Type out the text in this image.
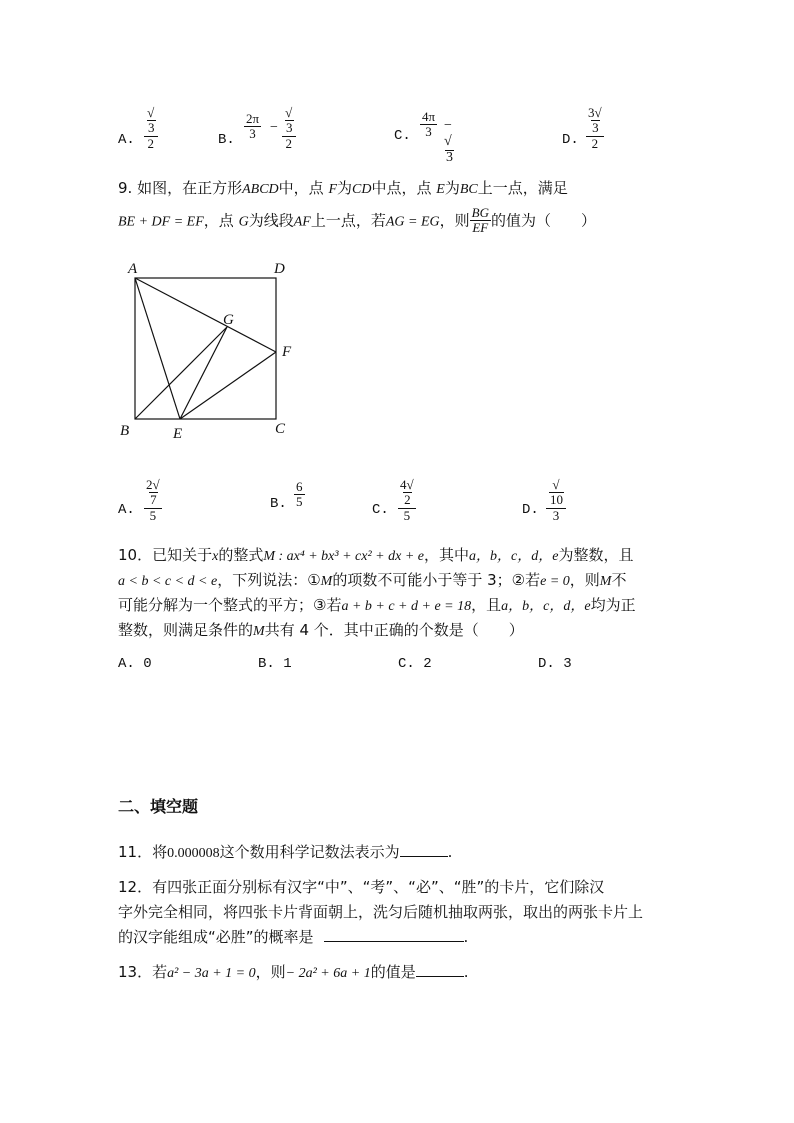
A. $\frac{√3}{2}$	B. $\frac{2\pi}{3} - \frac{√3}{2}$	C. $\frac{4\pi}{3} - √3$
D. $\frac{3√3}{2}$
9. 如图，在正方形ABCD中，点 F为CD中点，点 E为BC上一点，满足
BE + DF = EF，点 G为线段AF上一点，若AG = EG，则 $\frac{BG}{EF}$ 的值为（　　）
A	D
F
G
B	E	C
A. $\frac{2√7}{5}$	B. $\frac{6}{5}$
C. $\frac{4√2}{5}$	D. $\frac{√10}{3}$
10．已知关于x的整式M : ax⁴ + bx³ + cx² + dx + e，其中a，b，c，d，e为整数，且
a < b < c < d < e，下列说法：①M的项数不可能小于等于 3；②若e = 0，则M不
可能分解为一个整式的平方；③若a + b + c + d + e = 18，且a，b，c，d，e均为正
整数，则满足条件的M共有 4 个．其中正确的个数是（　　）
A. 0	B. 1	C. 2	D. 3
二、填空题
11．将0.000008这个数用科学记数法表示为	.
12．有四张正面分别标有汉字“中”、“考”、“必”、“胜”的卡片，它们除汉
字外完全相同，将四张卡片背面朝上，洗匀后随机抽取两张，取出的两张卡片上
的汉字能组成“必胜”的概率是	.
13．若a² − 3a + 1 = 0，则− 2a² + 6a + 1的值是	.
